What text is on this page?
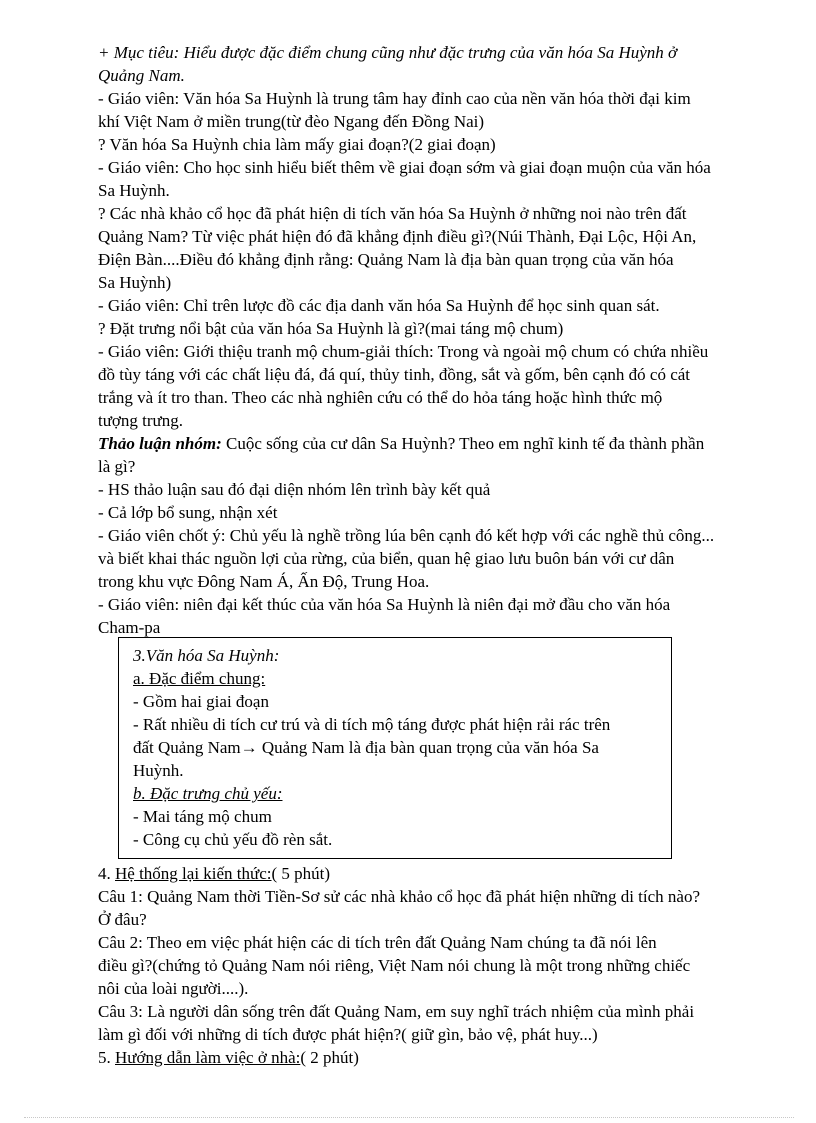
+ Mục tiêu: Hiểu được đặc điểm chung cũng như đặc trưng của văn hóa Sa Huỳnh ở
Quảng Nam.
- Giáo viên: Văn hóa Sa Huỳnh là trung tâm hay đỉnh cao của nền văn hóa thời đại kim
khí Việt Nam ở miền trung(từ đèo Ngang đến Đồng Nai)
? Văn hóa Sa Huỳnh chia làm mấy giai đoạn?(2 giai đoạn)
- Giáo viên: Cho học sinh hiểu biết thêm về giai đoạn sớm và giai đoạn muộn của văn hóa
Sa Huỳnh.
? Các nhà khảo cổ học đã phát hiện di tích văn hóa Sa Huỳnh ở những noi nào trên đất
Quảng Nam? Từ việc phát hiện đó đã khẳng định điều gì?(Núi Thành, Đại Lộc, Hội An,
Điện Bàn....Điều đó khẳng định rằng: Quảng Nam là địa bàn quan trọng của văn hóa
Sa Huỳnh)
- Giáo viên: Chỉ trên lược đồ các địa danh văn hóa Sa Huỳnh để học sinh quan sát.
? Đặt trưng nổi bật của văn hóa Sa Huỳnh là gì?(mai táng mộ chum)
- Giáo viên: Giới thiệu tranh mộ chum-giải thích: Trong và ngoài mộ chum có chứa nhiều
đồ tùy táng với các chất liệu đá, đá quí, thủy tinh, đồng, sắt và gốm, bên cạnh đó có cát
trắng và ít tro than. Theo các nhà nghiên cứu có thể do hỏa táng hoặc hình thức mộ
tượng trưng.
Thảo luận nhóm: Cuộc sống của cư dân Sa Huỳnh? Theo em nghĩ kinh tế đa thành phần
là gì?
- HS thảo luận sau đó đại diện nhóm lên trình bày kết quả
- Cả lớp bổ sung, nhận xét
- Giáo viên chốt ý: Chủ yếu là nghề trồng lúa bên cạnh đó kết hợp với các nghề thủ công...
và biết khai thác nguồn lợi của rừng, của biển, quan hệ giao lưu buôn bán với cư dân
trong khu vực Đông Nam Á, Ấn Độ, Trung Hoa.
- Giáo viên: niên đại kết thúc của văn hóa Sa Huỳnh là niên đại mở đầu cho văn hóa
Cham-pa
3.Văn hóa Sa Huỳnh:
a. Đặc điểm chung:
- Gồm hai giai đoạn
- Rất nhiều di tích cư trú và di tích mộ táng được phát hiện rải rác trên
đất Quảng Nam→ Quảng Nam là địa bàn quan trọng của văn hóa Sa
Huỳnh.
b. Đặc trưng chủ yếu:
- Mai táng mộ chum
- Công cụ chủ yếu đồ rèn sắt.
4. Hệ thống lại kiến thức:( 5 phút)
Câu 1: Quảng Nam thời Tiền-Sơ sử các nhà khảo cổ học đã phát hiện những di tích nào?
Ở đâu?
Câu 2: Theo em việc phát hiện các di tích trên đất Quảng Nam chúng ta đã nói lên
điều gì?(chứng tỏ Quảng Nam nói riêng, Việt Nam nói chung là một trong những chiếc
nôi của loài người....).
Câu 3: Là người dân sống trên đất Quảng Nam, em suy nghĩ trách nhiệm của mình phải
làm gì đối với những di tích được phát hiện?( giữ gìn, bảo vệ, phát huy...)
5. Hướng dẫn làm việc ở nhà:( 2 phút)
